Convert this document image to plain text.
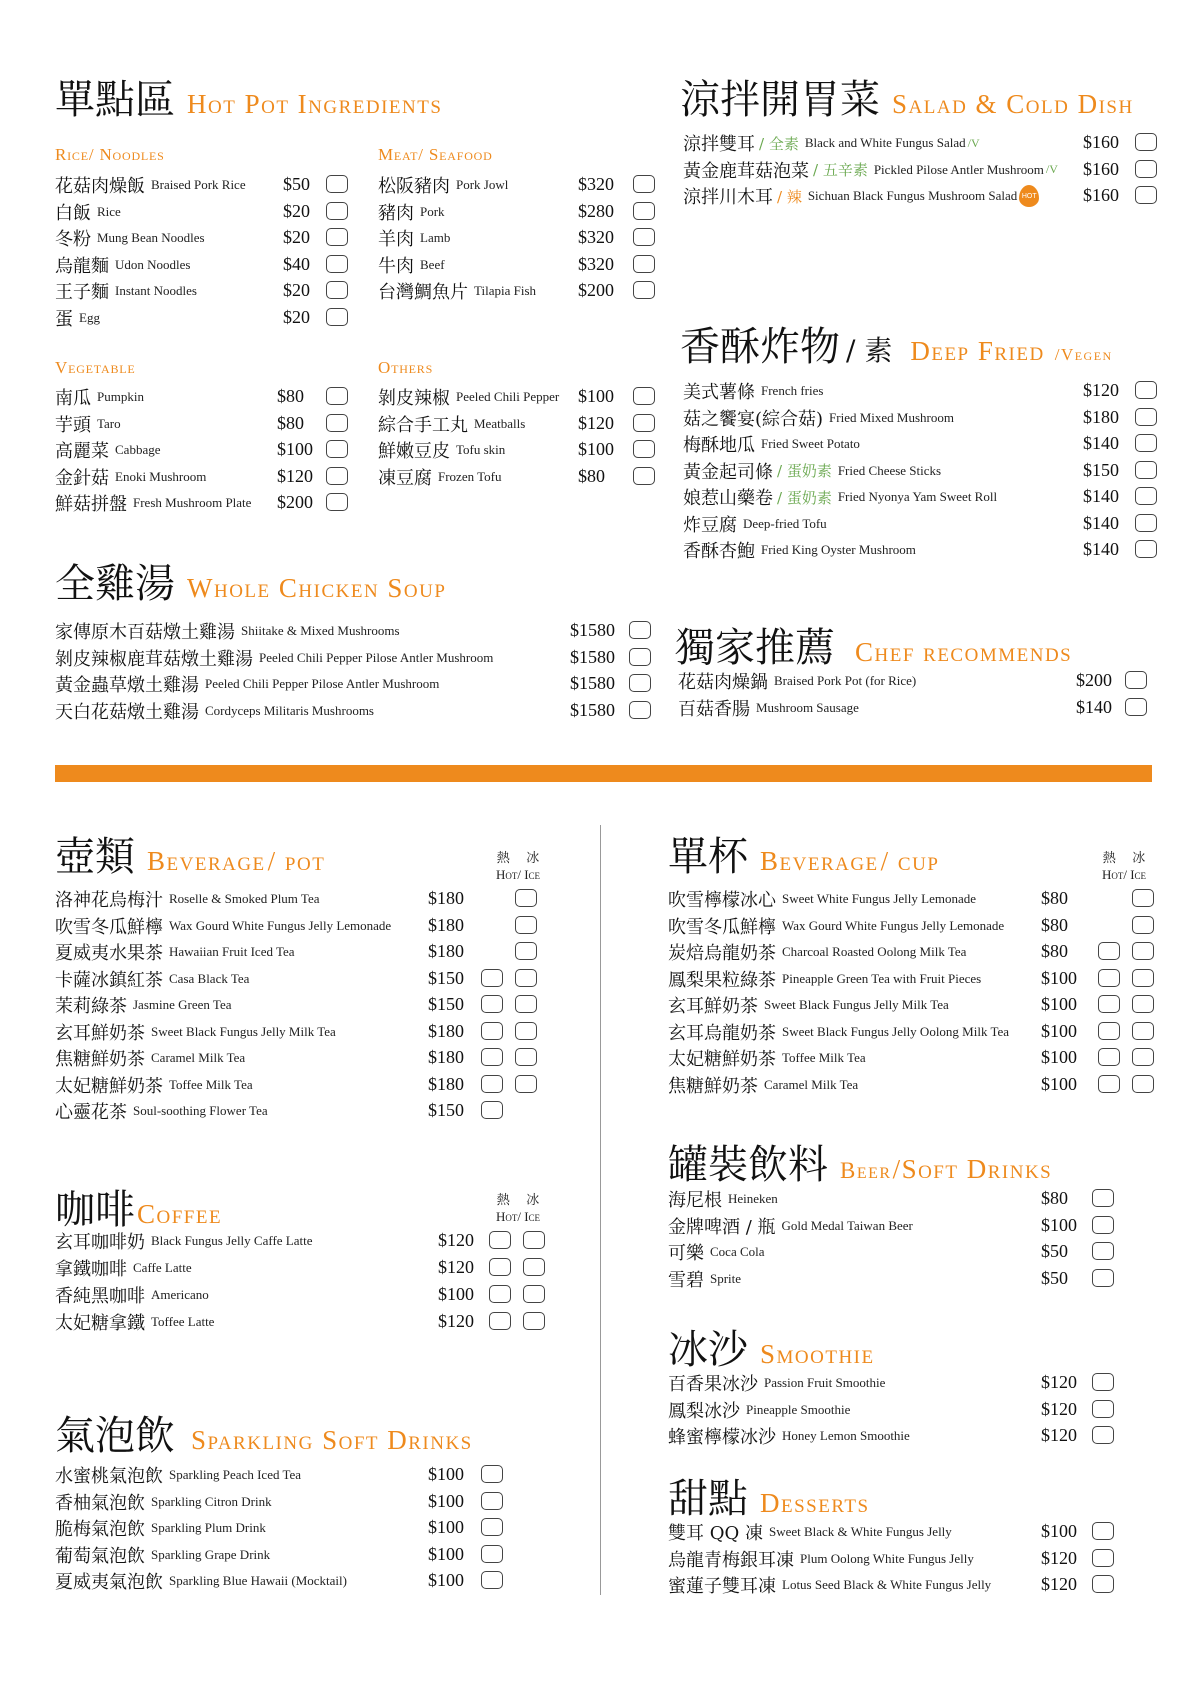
單點區 Hot Pot Ingredients
Rice/ Noodles	Meat/ Seafood
Vegetable	Others
花菇肉燥飯 Braised Pork Rice $50
白飯 Rice	$20
冬粉 Mung Bean Noodles	$20
烏龍麵 Udon Noodles	$40
王子麵 Instant Noodles	$20
蛋 Egg	$20
松阪豬肉 Pork Jowl	$320
豬肉 Pork	$280
羊肉 Lamb	$320
牛肉 Beef	$320
台灣鯛魚片 Tilapia Fish $200
南瓜 Pumpkin	$80
芋頭 Taro	$80
高麗菜 Cabbage	$100
金針菇 Enoki Mushroom	$120
鮮菇拼盤 Fresh Mushroom Plate $200
剝皮辣椒 Peeled Chili Pepper $100
綜合手工丸 Meatballs	$120
鮮嫩豆皮 Tofu skin	$100
凍豆腐 Frozen Tofu	$80
全雞湯 Whole Chicken Soup
家傳原木百菇燉土雞湯 Shiitake & Mixed Mushrooms	$1580
剝皮辣椒鹿茸菇燉土雞湯 Peeled Chili Pepper Pilose Antler Mushroom	$1580
黃金蟲草燉土雞湯 Peeled Chili Pepper Pilose Antler Mushroom	$1580
天白花菇燉土雞湯 Cordyceps Militaris Mushrooms	$1580
涼拌開胃菜 Salad & Cold Dish
涼拌雙耳 / 全素 Black and White Fungus Salad /V	$160
黃金鹿茸菇泡菜 / 五辛素 Pickled Pilose Antler Mushroom /V $160
涼拌川木耳 / 辣 Sichuan Black Fungus Mushroom Salad HOT	$160
香酥炸物 / 素 Deep Fried /Vegen
美式薯條 French fries	$120
菇之饗宴(綜合菇) Fried Mixed Mushroom	$180
梅酥地瓜 Fried Sweet Potato	$140
黃金起司條 / 蛋奶素 Fried Cheese Sticks	$150
娘惹山藥卷 / 蛋奶素 Fried Nyonya Yam Sweet Roll	$140
炸豆腐 Deep-fried Tofu	$140
香酥杏鮑 Fried King Oyster Mushroom	$140
獨家推薦 Chef recommends
花菇肉燥鍋 Braised Pork Pot (for Rice)	$200
百菇香腸 Mushroom Sausage	$140
壺類 Beverage / pot	熱 冰
Hot/ Ice
洛神花烏梅汁 Roselle & Smoked Plum Tea	$180
吹雪冬瓜鮮檸 Wax Gourd White Fungus Jelly Lemonade $180
夏威夷水果茶 Hawaiian Fruit Iced Tea	$180
卡薩冰鎮紅茶 Casa Black Tea	$150
茉莉綠茶 Jasmine Green Tea	$150
玄耳鮮奶茶 Sweet Black Fungus Jelly Milk Tea	$180
焦糖鮮奶茶 Caramel Milk Tea	$180
太妃糖鮮奶茶 Toffee Milk Tea	$180
心靈花茶 Soul-soothing Flower Tea	$150
咖啡 Coffee	熱 冰
Hot/ Ice
玄耳咖啡奶 Black Fungus Jelly Caffe Latte	$120
拿鐵咖啡 Caffe Latte	$120
香純黑咖啡 Americano	$100
太妃糖拿鐵 Toffee Latte	$120
氣泡飲 Sparkling Soft Drinks
水蜜桃氣泡飲 Sparkling Peach Iced Tea	$100
香柚氣泡飲 Sparkling Citron Drink	$100
脆梅氣泡飲 Sparkling Plum Drink	$100
葡萄氣泡飲 Sparkling Grape Drink	$100
夏威夷氣泡飲 Sparkling Blue Hawaii (Mocktail)	$100
單杯 Beverage / cup	熱 冰
Hot/ Ice
吹雪檸檬冰心 Sweet White Fungus Jelly Lemonade	$80
吹雪冬瓜鮮檸 Wax Gourd White Fungus Jelly Lemonade $80
炭焙烏龍奶茶 Charcoal Roasted Oolong Milk Tea	$80
鳳梨果粒綠茶 Pineapple Green Tea with Fruit Pieces	$100
玄耳鮮奶茶 Sweet Black Fungus Jelly Milk Tea	$100
玄耳烏龍奶茶 Sweet Black Fungus Jelly Oolong Milk Tea $100
太妃糖鮮奶茶 Toffee Milk Tea	$100
焦糖鮮奶茶 Caramel Milk Tea	$100
罐裝飲料 Beer /Soft Drinks
海尼根 Heineken	$80
金牌啤酒 / 瓶 Gold Medal Taiwan Beer	$100
可樂 Coca Cola	$50
雪碧 Sprite	$50
冰沙 Smoothie
百香果冰沙 Passion Fruit Smoothie	$120
鳳梨冰沙 Pineapple Smoothie	$120
蜂蜜檸檬冰沙 Honey Lemon Smoothie	$120
甜點 Desserts
雙耳 QQ 凍 Sweet Black & White Fungus Jelly	$100
烏龍青梅銀耳凍 Plum Oolong White Fungus Jelly	$120
蜜蓮子雙耳凍 Lotus Seed Black & White Fungus Jelly	$120
